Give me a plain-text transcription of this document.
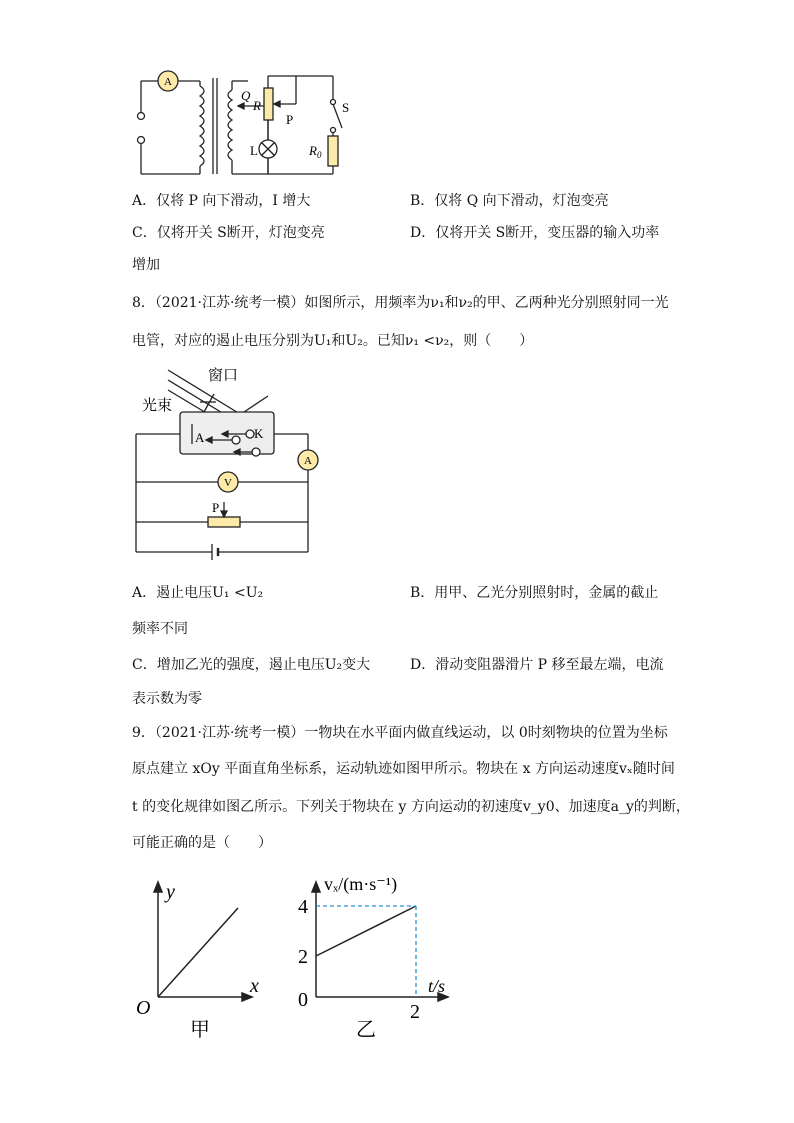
A
Q
R
P
S
L	$R_0$
A．仅将 P 向下滑动，I 增大	B．仅将 Q 向下滑动，灯泡变亮
C．仅将开关 S断开，灯泡变亮	D．仅将开关 S断开，变压器的输入功率
增加
8．（2021·江苏·统考一模）如图所示，用频率为ν₁和ν₂的甲、乙两种光分别照射同一光
电管，对应的遏止电压分别为U₁和U₂。已知ν₁ <ν₂，则（　　）
窗口
光束
A	K
A
V
P
A．遏止电压U₁ <U₂	B．用甲、乙光分别照射时，金属的截止
频率不同
C．增加乙光的强度，遏止电压U₂变大	D．滑动变阻器滑片 P 移至最左端，电流
表示数为零
9．（2021·江苏·统考一模）一物块在水平面内做直线运动，以 0时刻物块的位置为坐标
原点建立 xOy 平面直角坐标系，运动轨迹如图甲所示。物块在 x 方向运动速度vₓ随时间
t 的变化规律如图乙所示。下列关于物块在 y 方向运动的初速度v_y0、加速度a_y的判断，
可能正确的是（　　）
y
x
O
甲
vₓ/(m·s⁻¹)
t/s
4
2
0
2
乙
